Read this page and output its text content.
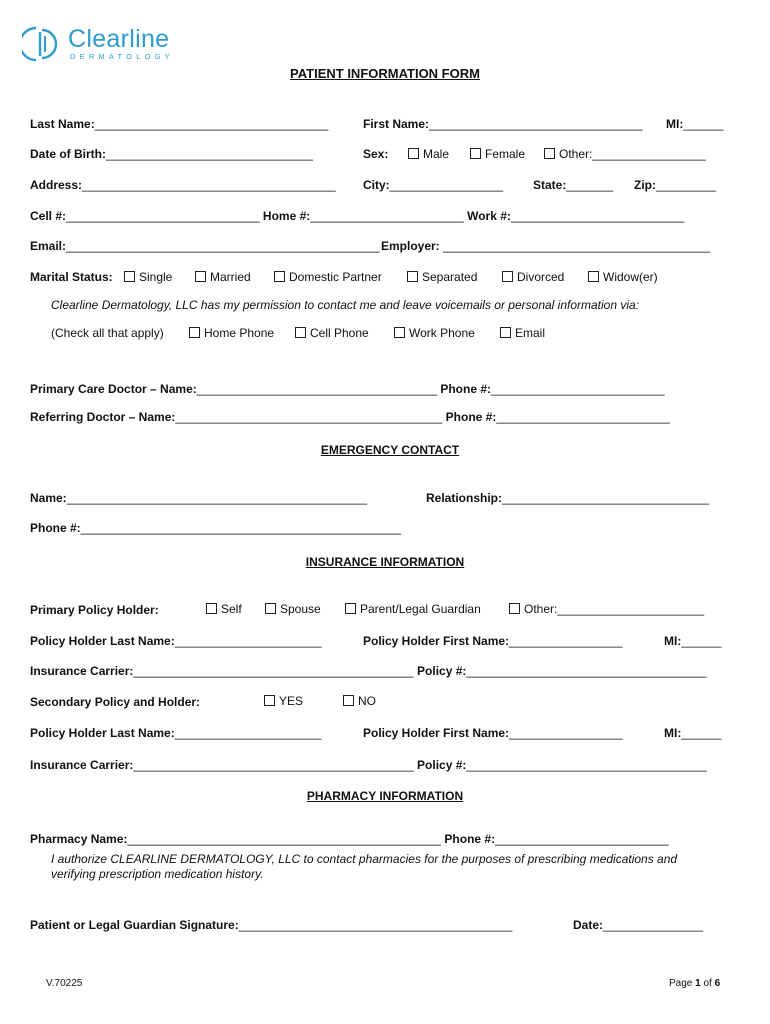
Clearline
DERMATOLOGY
PATIENT INFORMATION FORM
Last Name:___________________________________	First Name:________________________________ MI:______
Date of Birth:_______________________________	Sex:	Male	Female	Other:_________________
Address:______________________________________ City:_________________ State:_______ Zip:_________
Cell #:_____________________________ Home #:_______________________ Work #:__________________________
Email:_______________________________________________ Employer: ________________________________________
Marital Status:	Single	Married	Domestic Partner	Separated	Divorced	Widow(er)
Clearline Dermatology, LLC has my permission to contact me and leave voicemails or personal information via:
(Check all that apply)	Home Phone	Cell Phone	Work Phone	Email
Primary Care Doctor – Name:____________________________________ Phone #:__________________________
Referring Doctor – Name:________________________________________ Phone #:__________________________
EMERGENCY CONTACT
Name:_____________________________________________	Relationship:_______________________________
Phone #:________________________________________________
INSURANCE INFORMATION
Primary Policy Holder:	Self	Spouse	Parent/Legal Guardian	Other:______________________
Policy Holder Last Name:______________________	Policy Holder First Name:_________________	MI:______
Insurance Carrier:__________________________________________ Policy #:____________________________________
Secondary Policy and Holder:	YES	NO
Policy Holder Last Name:______________________	Policy Holder First Name:_________________	MI:______
Insurance Carrier:__________________________________________ Policy #:____________________________________
PHARMACY INFORMATION
Pharmacy Name:_______________________________________________ Phone #:__________________________
I authorize CLEARLINE DERMATOLOGY, LLC to contact pharmacies for the purposes of prescribing medications and
verifying prescription medication history.
Patient or Legal Guardian Signature:_________________________________________	Date:_______________
V.70225	Page 1 of 6
